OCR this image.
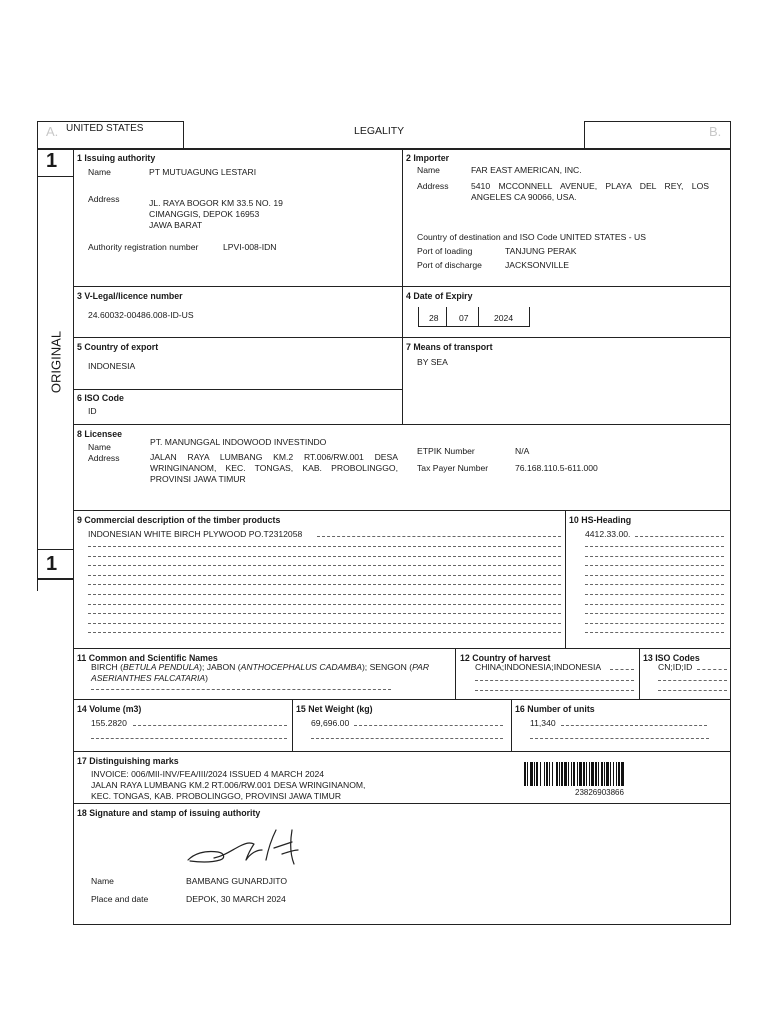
A. UNITED STATES	LEGALITY	B.
1
ORIGINAL
1
1 Issuing authority
Name	PT MUTUAGUNG LESTARI
Address	JL. RAYA BOGOR KM 33.5 NO. 19
CIMANGGIS, DEPOK 16953
JAWA BARAT
Authority registration number	LPVI-008-IDN
2 Importer
Name	FAR EAST AMERICAN, INC.
Address	5410 MCCONNELL AVENUE, PLAYA DEL REY, LOS ANGELES CA 90066, USA.
Country of destination and ISO Code UNITED STATES - US
Port of loading	TANJUNG PERAK
Port of discharge	JACKSONVILLE
3 V-Legal/licence number
24.60032-00486.008-ID-US
4 Date of Expiry
28 07	2024
5 Country of export
INDONESIA
6 ISO Code
ID
7 Means of transport
BY SEA
8 Licensee
Name	PT. MANUNGGAL INDOWOOD INVESTINDO
Address	JALAN RAYA LUMBANG KM.2 RT.006/RW.001 DESA WRINGINANOM, KEC. TONGAS, KAB. PROBOLINGGO, PROVINSI JAWA TIMUR
ETPIK Number	N/A
Tax Payer Number	76.168.110.5-611.000
9 Commercial description of the timber products
INDONESIAN WHITE BIRCH PLYWOOD PO.T2312058
10 HS-Heading
4412.33.00.
11 Common and Scientific Names
BIRCH (BETULA PENDULA); JABON (ANTHOCEPHALUS CADAMBA); SENGON (PAR
ASERIANTHES FALCATARIA)
12 Country of harvest
CHINA;INDONESIA;INDONESIA
13 ISO Codes
CN;ID;ID
14 Volume (m3)
155.2820
15 Net Weight (kg)
69,696.00
16 Number of units
11,340
17 Distinguishing marks
INVOICE: 006/MII-INV/FEA/III/2024 ISSUED 4 MARCH 2024
JALAN RAYA LUMBANG KM.2 RT.006/RW.001 DESA WRINGINANOM,
KEC. TONGAS, KAB. PROBOLINGGO, PROVINSI JAWA TIMUR	23826903866
18 Signature and stamp of issuing authority
Name	BAMBANG GUNARDJITO
Place and date	DEPOK, 30 MARCH 2024
